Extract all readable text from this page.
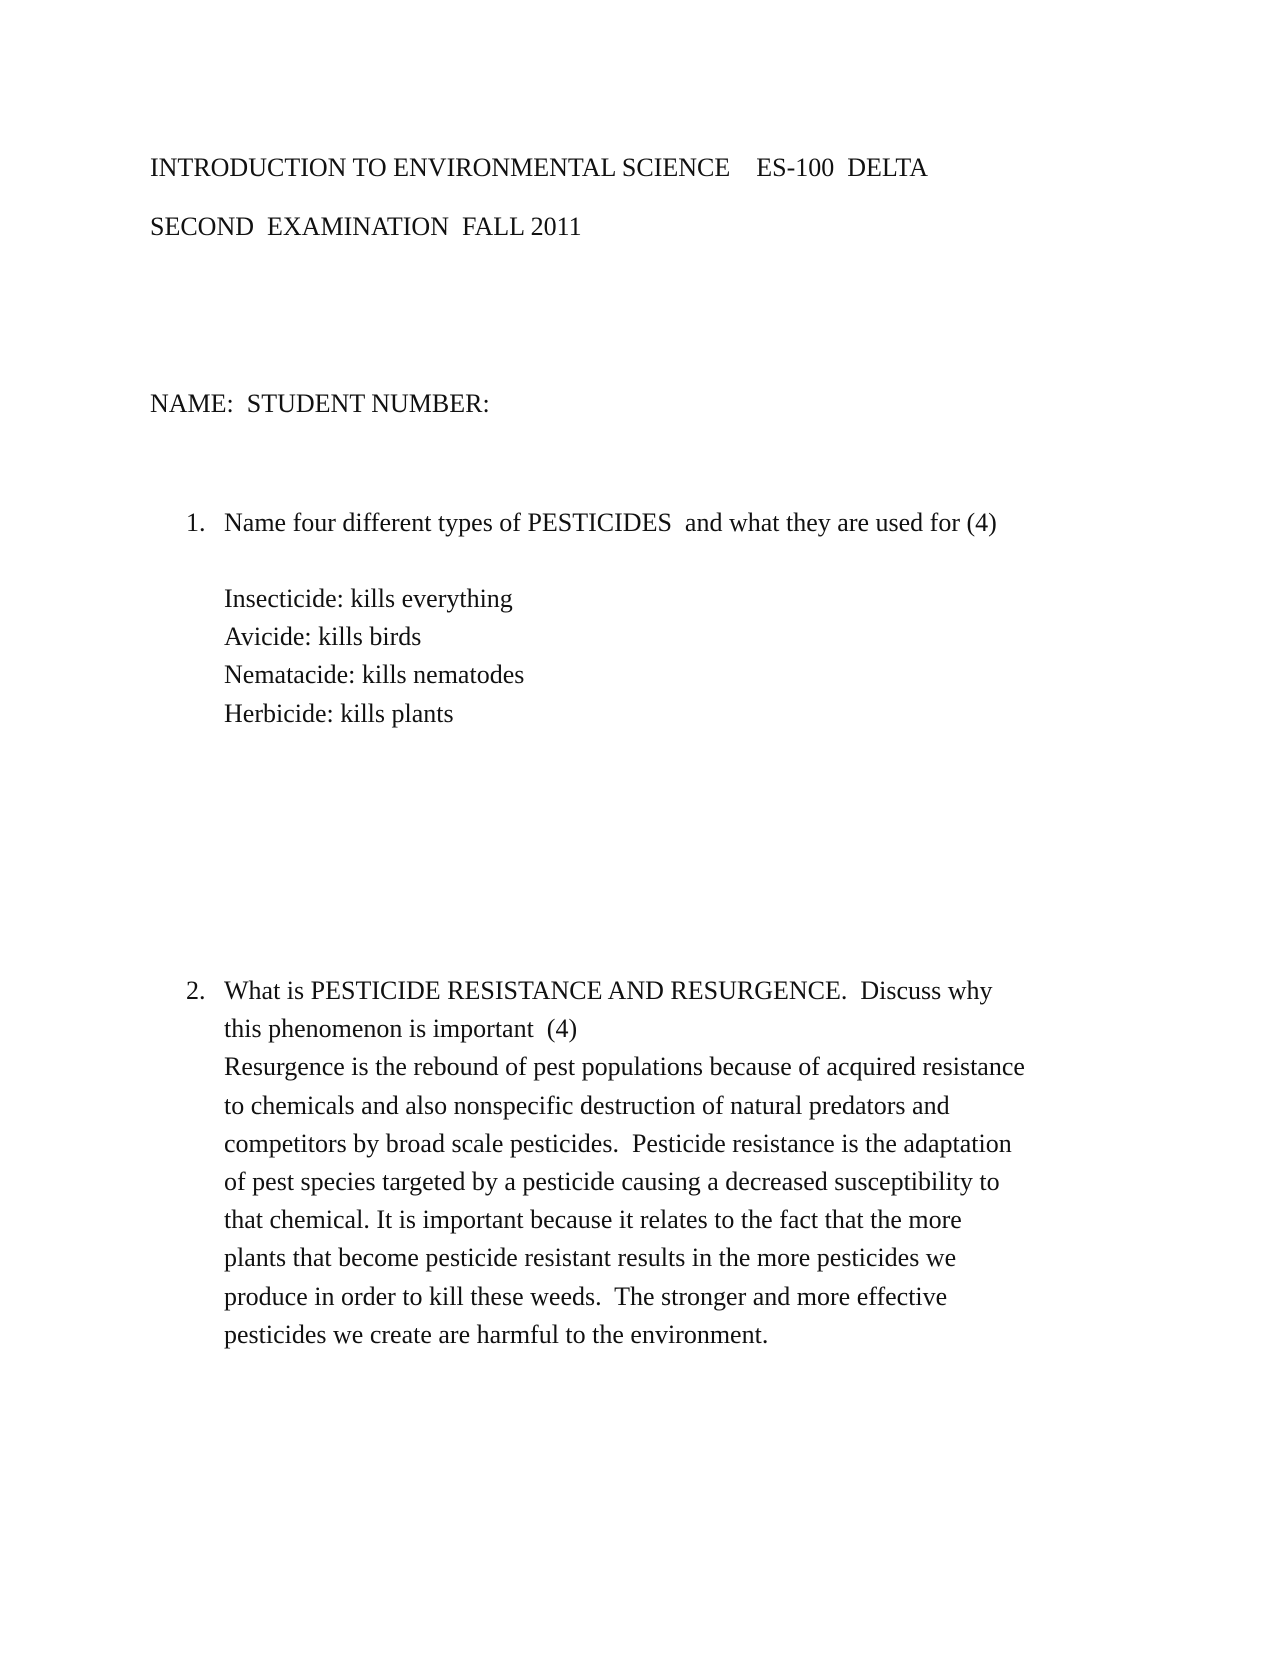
INTRODUCTION TO ENVIRONMENTAL SCIENCE    ES-100  DELTA
SECOND  EXAMINATION  FALL 2011
NAME:  STUDENT NUMBER:
1. Name four different types of PESTICIDES  and what they are used for (4)
Insecticide: kills everything
Avicide: kills birds
Nematacide: kills nematodes
Herbicide: kills plants
2. What is PESTICIDE RESISTANCE AND RESURGENCE.  Discuss why
this phenomenon is important  (4)
Resurgence is the rebound of pest populations because of acquired resistance
to chemicals and also nonspecific destruction of natural predators and
competitors by broad scale pesticides.  Pesticide resistance is the adaptation
of pest species targeted by a pesticide causing a decreased susceptibility to
that chemical. It is important because it relates to the fact that the more
plants that become pesticide resistant results in the more pesticides we
produce in order to kill these weeds.  The stronger and more effective
pesticides we create are harmful to the environment.
